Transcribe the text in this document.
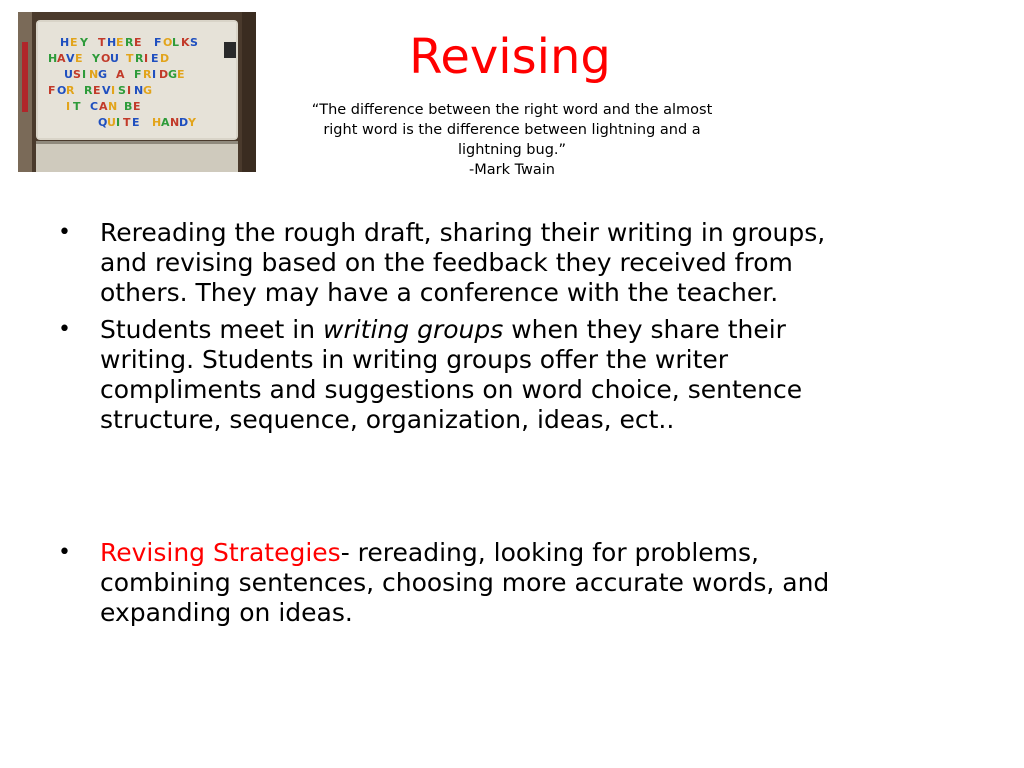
H E Y T H E R E F O L K S
H A V E Y O U T R I E D
U S I N G A F R I D G E
F O R R E V I S I N G
I T C A N B E
Q U I T E H A N D Y
Revising
“The difference between the right word and the almost
right word is the difference between lightning and a
lightning bug.”
-Mark Twain
• Rereading the rough draft, sharing their writing in groups,
and revising based on the feedback they received from
others. They may have a conference with the teacher.
• Students meet in writing groups when they share their
writing. Students in writing groups offer the writer
compliments and suggestions on word choice, sentence
structure, sequence, organization, ideas, ect..
• Revising Strategies- rereading, looking for problems,
combining sentences, choosing more accurate words, and
expanding on ideas.
